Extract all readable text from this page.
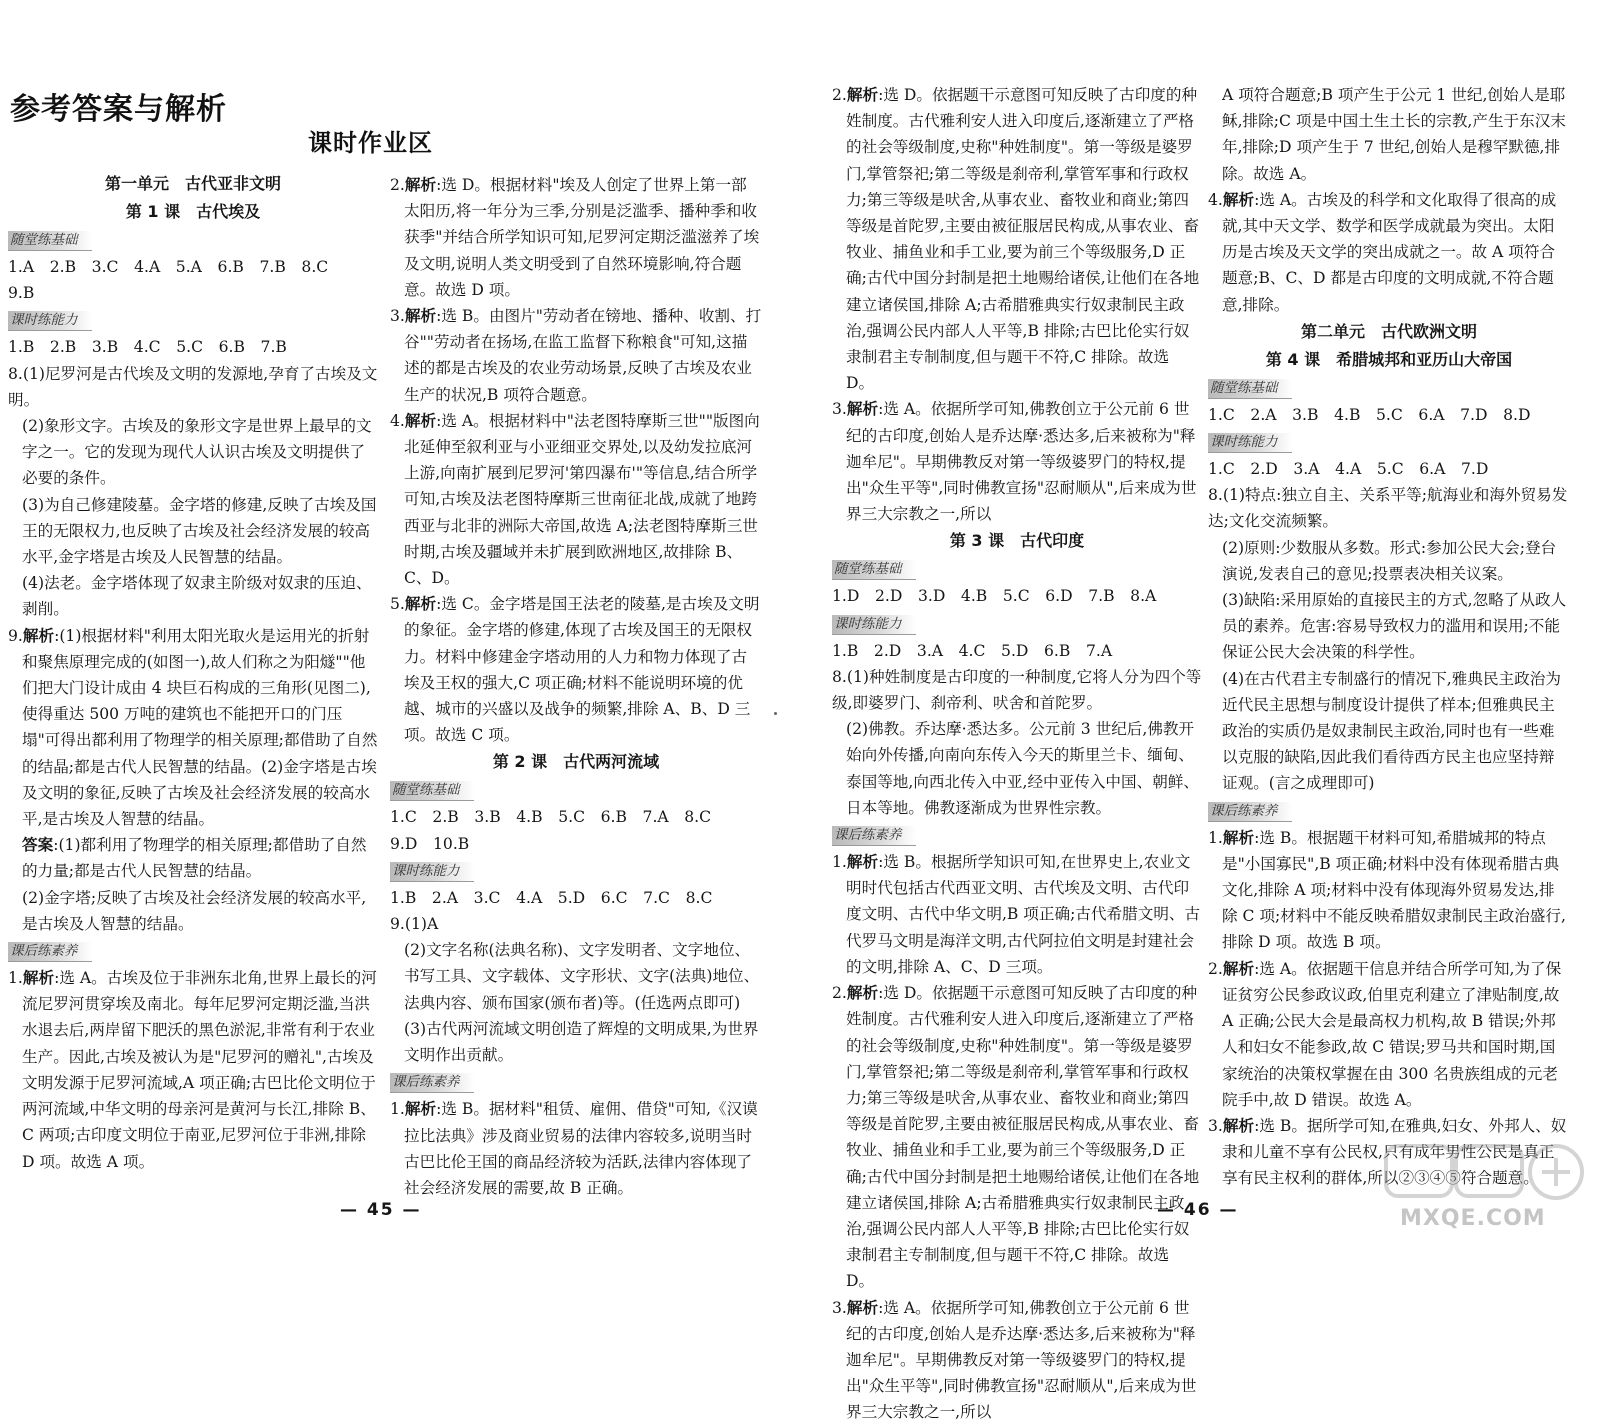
参考答案与解析
课时作业区
第一单元　古代亚非文明
第 1 课　古代埃及
随堂练基础

1.A　2.B　3.C　4.A　5.A　6.B　7.B　8.C

9.B

课时练能力

1.B　2.B　3.B　4.C　5.C　6.B　7.B

8.(1)尼罗河是古代埃及文明的发源地,孕育了古埃及文明。

(2)象形文字。古埃及的象形文字是世界上最早的文字之一。它的发现为现代人认识古埃及文明提供了必要的条件。

(3)为自己修建陵墓。金字塔的修建,反映了古埃及国王的无限权力,也反映了古埃及社会经济发展的较高水平,金字塔是古埃及人民智慧的结晶。

(4)法老。金字塔体现了奴隶主阶级对奴隶的压迫、剥削。

9.解析:(1)根据材料"利用太阳光取火是运用光的折射和聚焦原理完成的(如图一),故人们称之为阳燧""他们把大门设计成由 4 块巨石构成的三角形(见图二),使得重达 500 万吨的建筑也不能把开口的门压塌"可得出都利用了物理学的相关原理;都借助了自然的结晶;都是古代人民智慧的结晶。(2)金字塔是古埃及文明的象征,反映了古埃及社会经济发展的较高水平,是古埃及人智慧的结晶。

答案:(1)都利用了物理学的相关原理;都借助了自然的力量;都是古代人民智慧的结晶。

(2)金字塔;反映了古埃及社会经济发展的较高水平,是古埃及人智慧的结晶。

课后练素养

1.解析:选 A。古埃及位于非洲东北角,世界上最长的河流尼罗河贯穿埃及南北。每年尼罗河定期泛滥,当洪水退去后,两岸留下肥沃的黑色淤泥,非常有利于农业生产。因此,古埃及被认为是"尼罗河的赠礼",古埃及文明发源于尼罗河流域,A 项正确;古巴比伦文明位于两河流域,中华文明的母亲河是黄河与长江,排除 B、C 两项;古印度文明位于南亚,尼罗河位于非洲,排除 D 项。故选 A 项。

2.解析:选 D。根据材料"埃及人创定了世界上第一部太阳历,将一年分为三季,分别是泛滥季、播种季和收获季"并结合所学知识可知,尼罗河定期泛滥滋养了埃及文明,说明人类文明受到了自然环境影响,符合题意。故选 D 项。

3.解析:选 B。由图片"劳动者在镑地、播种、收割、打谷""劳动者在扬场,在监工监督下称粮食"可知,这描述的都是古埃及的农业劳动场景,反映了古埃及农业生产的状况,B 项符合题意。

4.解析:选 A。根据材料中"法老图特摩斯三世""版图向北延伸至叙利亚与小亚细亚交界处,以及幼发拉底河上游,向南扩展到尼罗河'第四瀑布'"等信息,结合所学可知,古埃及法老图特摩斯三世南征北战,成就了地跨西亚与北非的洲际大帝国,故选 A;法老图特摩斯三世时期,古埃及疆域并未扩展到欧洲地区,故排除 B、C、D。

5.解析:选 C。金字塔是国王法老的陵墓,是古埃及文明的象征。金字塔的修建,体现了古埃及国王的无限权力。材料中修建金字塔动用的人力和物力体现了古埃及王权的强大,C 项正确;材料不能说明环境的优越、城市的兴盛以及战争的频繁,排除 A、B、D 三项。故选 C 项。

第 2 课　古代两河流域
随堂练基础

1.C　2.B　3.B　4.B　5.C　6.B　7.A　8.C

9.D　10.B

课时练能力

1.B　2.A　3.C　4.A　5.D　6.C　7.C　8.C

9.(1)A

(2)文字名称(法典名称)、文字发明者、文字地位、书写工具、文字载体、文字形状、文字(法典)地位、法典内容、颁布国家(颁布者)等。(任选两点即可)

(3)古代两河流域文明创造了辉煌的文明成果,为世界文明作出贡献。

课后练素养

1.解析:选 B。据材料"租赁、雇佣、借贷"可知,《汉谟拉比法典》涉及商业贸易的法律内容较多,说明当时古巴比伦王国的商品经济较为活跃,法律内容体现了社会经济发展的需要,故 B 正确。

— 45 —

2.解析:选 D。依据题干示意图可知反映了古印度的种姓制度。古代雅利安人进入印度后,逐渐建立了严格的社会等级制度,史称"种姓制度"。第一等级是婆罗门,掌管祭祀;第二等级是刹帝利,掌管军事和行政权力;第三等级是吠舍,从事农业、畜牧业和商业;第四等级是首陀罗,主要由被征服居民构成,从事农业、畜牧业、捕鱼业和手工业,要为前三个等级服务,D 正确;古代中国分封制是把土地赐给诸侯,让他们在各地建立诸侯国,排除 A;古希腊雅典实行奴隶制民主政治,强调公民内部人人平等,B 排除;古巴比伦实行奴隶制君主专制制度,但与题干不符,C 排除。故选 D。

3.解析:选 A。依据所学可知,佛教创立于公元前 6 世纪的古印度,创始人是乔达摩·悉达多,后来被称为"释迦牟尼"。早期佛教反对第一等级婆罗门的特权,提出"众生平等",同时佛教宣扬"忍耐顺从",后来成为世界三大宗教之一,所以

第 3 课　古代印度
随堂练基础

1.D　2.D　3.D　4.B　5.C　6.D　7.B　8.A

课时练能力

1.B　2.D　3.A　4.C　5.D　6.B　7.A

8.(1)种姓制度是古印度的一种制度,它将人分为四个等级,即婆罗门、刹帝利、吠舍和首陀罗。

(2)佛教。乔达摩·悉达多。公元前 3 世纪后,佛教开始向外传播,向南向东传入今天的斯里兰卡、缅甸、泰国等地,向西北传入中亚,经中亚传入中国、朝鲜、日本等地。佛教逐渐成为世界性宗教。

课后练素养

1.解析:选 B。根据所学知识可知,在世界史上,农业文明时代包括古代西亚文明、古代埃及文明、古代印度文明、古代中华文明,B 项正确;古代希腊文明、古代罗马文明是海洋文明,古代阿拉伯文明是封建社会的文明,排除 A、C、D 三项。

2.解析:选 D。依据题干示意图可知反映了古印度的种姓制度。古代雅利安人进入印度后,逐渐建立了严格的社会等级制度,史称"种姓制度"。第一等级是婆罗门,掌管祭祀;第二等级是刹帝利,掌管军事和行政权力;第三等级是吠舍,从事农业、畜牧业和商业;第四等级是首陀罗,主要由被征服居民构成,从事农业、畜牧业、捕鱼业和手工业,要为前三个等级服务,D 正确;古代中国分封制是把土地赐给诸侯,让他们在各地建立诸侯国,排除 A;古希腊雅典实行奴隶制民主政治,强调公民内部人人平等,B 排除;古巴比伦实行奴隶制君主专制制度,但与题干不符,C 排除。故选 D。

3.解析:选 A。依据所学可知,佛教创立于公元前 6 世纪的古印度,创始人是乔达摩·悉达多,后来被称为"释迦牟尼"。早期佛教反对第一等级婆罗门的特权,提出"众生平等",同时佛教宣扬"忍耐顺从",后来成为世界三大宗教之一,所以

A 项符合题意;B 项产生于公元 1 世纪,创始人是耶稣,排除;C 项是中国土生土长的宗教,产生于东汉末年,排除;D 项产生于 7 世纪,创始人是穆罕默德,排除。故选 A。

4.解析:选 A。古埃及的科学和文化取得了很高的成就,其中天文学、数学和医学成就最为突出。太阳历是古埃及天文学的突出成就之一。故 A 项符合题意;B、C、D 都是古印度的文明成就,不符合题意,排除。

第二单元　古代欧洲文明
第 4 课　希腊城邦和亚历山大帝国
随堂练基础

1.C　2.A　3.B　4.B　5.C　6.A　7.D　8.D

课时练能力

1.C　2.D　3.A　4.A　5.C　6.A　7.D

8.(1)特点:独立自主、关系平等;航海业和海外贸易发达;文化交流频繁。

(2)原则:少数服从多数。形式:参加公民大会;登台演说,发表自己的意见;投票表决相关议案。

(3)缺陷:采用原始的直接民主的方式,忽略了从政人员的素养。危害:容易导致权力的滥用和误用;不能保证公民大会决策的科学性。

(4)在古代君主专制盛行的情况下,雅典民主政治为近代民主思想与制度设计提供了样本;但雅典民主政治的实质仍是奴隶制民主政治,同时也有一些难以克服的缺陷,因此我们看待西方民主也应坚持辩证观。(言之成理即可)

课后练素养

1.解析:选 B。根据题干材料可知,希腊城邦的特点是"小国寡民",B 项正确;材料中没有体现希腊古典文化,排除 A 项;材料中没有体现海外贸易发达,排除 C 项;材料中不能反映希腊奴隶制民主政治盛行,排除 D 项。故选 B 项。

2.解析:选 A。依据题干信息并结合所学可知,为了保证贫穷公民参政议政,伯里克利建立了津贴制度,故 A 正确;公民大会是最高权力机构,故 B 错误;外邦人和妇女不能参政,故 C 错误;罗马共和国时期,国家统治的决策权掌握在由 300 名贵族组成的元老院手中,故 D 错误。故选 A。

3.解析:选 B。据所学可知,在雅典,妇女、外邦人、奴隶和儿童不享有公民权,只有成年男性公民是真正享有民主权利的群体,所以②③④⑤符合题意。

— 46 —	MXQE.COM
